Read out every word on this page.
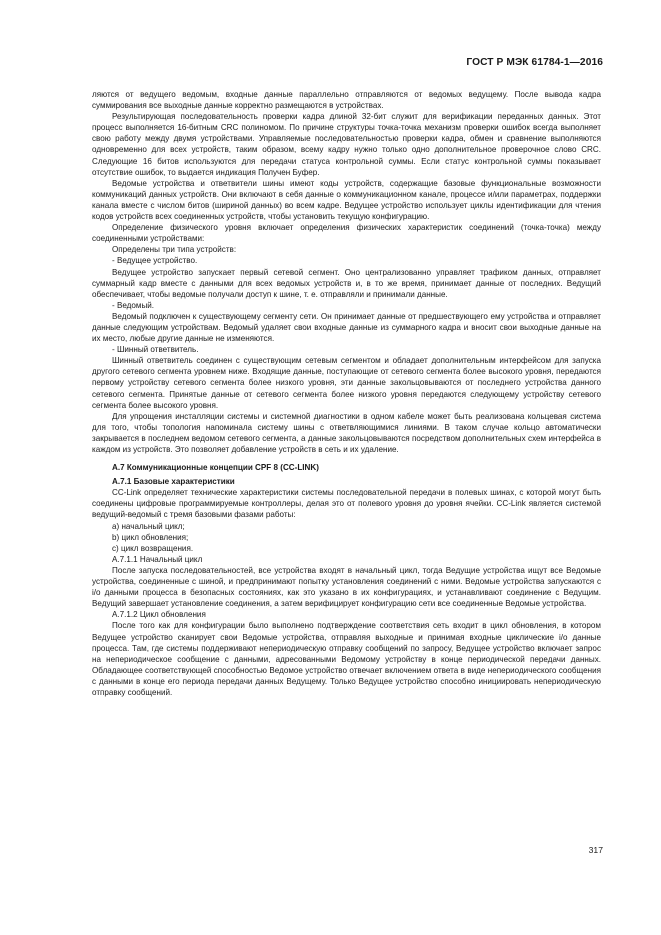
ГОСТ Р МЭК 61784-1—2016

ляются от ведущего ведомым, входные данные параллельно отправляются от ведомых ведущему. После вывода кадра суммирования все выходные данные корректно размещаются в устройствах.

Результирующая последовательность проверки кадра длиной 32-бит служит для верификации переданных данных. Этот процесс выполняется 16-битным CRC полиномом. По причине структуры точка-точка механизм проверки ошибок всегда выполняет свою работу между двумя устройствами. Управляемые последовательностью проверки кадра, обмен и сравнение выполняются одновременно для всех устройств, таким образом, всему кадру нужно только одно дополнительное проверочное слово CRC. Следующие 16 битов используются для передачи статуса контрольной суммы. Если статус контрольной суммы показывает отсутствие ошибок, то выдается индикация Получен Буфер.

Ведомые устройства и ответвители шины имеют коды устройств, содержащие базовые функциональные возможности коммуникаций данных устройств. Они включают в себя данные о коммуникационном канале, процессе и/или параметрах, поддержки канала вместе с числом битов (шириной данных) во всем кадре. Ведущее устройство использует циклы идентификации для чтения кодов устройств всех соединенных устройств, чтобы установить текущую конфигурацию.

Определение физического уровня включает определения физических характеристик соединений (точка-точка) между соединенными устройствами:

Определены три типа устройств:

- Ведущее устройство.

Ведущее устройство запускает первый сетевой сегмент. Оно централизованно управляет трафиком данных, отправляет суммарный кадр вместе с данными для всех ведомых устройств и, в то же время, принимает данные от последних. Ведущий обеспечивает, чтобы ведомые получали доступ к шине, т. е. отправляли и принимали данные.

- Ведомый.

Ведомый подключен к существующему сегменту сети. Он принимает данные от предшествующего ему устройства и отправляет данные следующим устройствам. Ведомый удаляет свои входные данные из суммарного кадра и вносит свои выходные данные на их место, любые другие данные не изменяются.

- Шинный ответвитель.

Шинный ответвитель соединен с существующим сетевым сегментом и обладает дополнительным интерфейсом для запуска другого сетевого сегмента уровнем ниже. Входящие данные, поступающие от сетевого сегмента более высокого уровня, передаются первому устройству сетевого сегмента более низкого уровня, эти данные закольцовываются от последнего устройства данного сетевого сегмента. Принятые данные от сетевого сегмента более низкого уровня передаются следующему устройству сетевого сегмента более высокого уровня.

Для упрощения инсталляции системы и системной диагностики в одном кабеле может быть реализована кольцевая система для того, чтобы топология напоминала систему шины с ответвляющимися линиями. В таком случае кольцо автоматически закрывается в последнем ведомом сетевого сегмента, а данные закольцовываются посредством дополнительных схем интерфейса в каждом из устройств. Это позволяет добавление устройств в сеть и их удаление.

А.7 Коммуникационные концепции CPF 8 (CC-LINK)

А.7.1 Базовые характеристики

CC-Link определяет технические характеристики системы последовательной передачи в полевых шинах, с которой могут быть соединены цифровые программируемые контроллеры, делая это от полевого уровня до уровня ячейки. CC-Link является системой ведущий-ведомый с тремя базовыми фазами работы:

a) начальный цикл;

b) цикл обновления;

c) цикл возвращения.

А.7.1.1 Начальный цикл

После запуска последовательностей, все устройства входят в начальный цикл, тогда Ведущие устройства ищут все Ведомые устройства, соединенные с шиной, и предпринимают попытку установления соединений с ними. Ведомые устройства запускаются с i/o данными процесса в безопасных состояниях, как это указано в их конфигурациях, и устанавливают соединение с Ведущим. Ведущий завершает установление соединения, а затем верифицирует конфигурацию сети все соединенные Ведомые устройства.

А.7.1.2 Цикл обновления

После того как для конфигурации было выполнено подтверждение соответствия сеть входит в цикл обновления, в котором Ведущее устройство сканирует свои Ведомые устройства, отправляя выходные и принимая входные циклические i/o данные процесса. Там, где системы поддерживают непериодическую отправку сообщений по запросу, Ведущее устройство включает запрос на непериодическое сообщение с данными, адресованными Ведомому устройству в конце периодической передачи данных. Обладающее соответствующей способностью Ведомое устройство отвечает включением ответа в виде непериодического сообщения с данными в конце его периода передачи данных Ведущему. Только Ведущее устройство способно инициировать непериодическую отправку сообщений.

317
